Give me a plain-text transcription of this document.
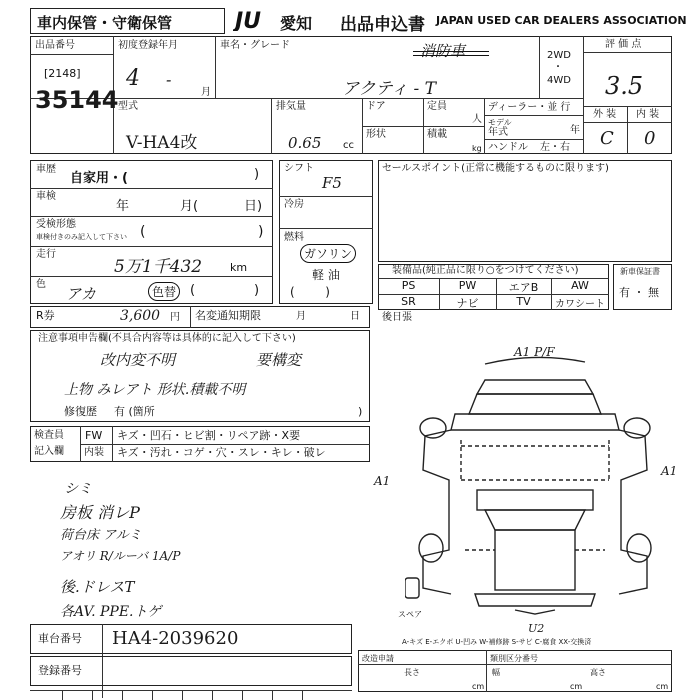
車内保管・守衛保管	JU 愛知 出品申込書 JAPAN USED CAR DEALERS ASSOCIATION
出品番号
[2148]
35144
初度登録年月
4 -
月
車名・グレード	消防車
アクティ - T
2WD
・
4WD
評 価 点
3.5
外 装 内 装
C 0
型式
V-HA4改
排気量
0.65 cc
ドア
形状
定員
人
積載
kg
ディーラー・並 行
モデル
年式	年
ハンドル 左・右
車歴
自家用・(	)
車検
年	月(	日)
受検形態
車検付きのみ記入して下さい (	)
走行
5万1千432	km
色
アカ	色替	(	)
R券	3,600 円 名変通知期限	月	日
シフト
F5
冷房
燃料
ガソリン
軽 油
(        )
セールスポイント(正常に機能するものに限ります)
装備品(純正品に限り○をつけてください)
PS	PW	エアB	AW
SR	ナビ	TV	カワシート
新車保証書
有 ・ 無
注意事項申告欄(不具合内容等は具体的に記入して下さい)
改内変不明	要構変
上物 みレアト 形状.積載不明
修復歴 有 (箇所	)
後日張
検査員
記入欄
FW キズ・凹石・ヒビ割・リペア跡・X要
内装 キズ・汚れ・コゲ・穴・スレ・キレ・破レ
シミ
房板 消レP
荷台床 アルミ
アオリ R/ルーバ 1A/P
後.ドレスT
各AV. PPE.トゲ
A1 P/F
A1
A1
U2
スペア
車台番号 HA4-2039620
登録番号
A-キズ E-エクボ U-凹み W-補修跡 S-サビ C-腐食 XX-交換済
改造申請	類別区分番号
長さ	幅	高さ
cm	cm	cm
